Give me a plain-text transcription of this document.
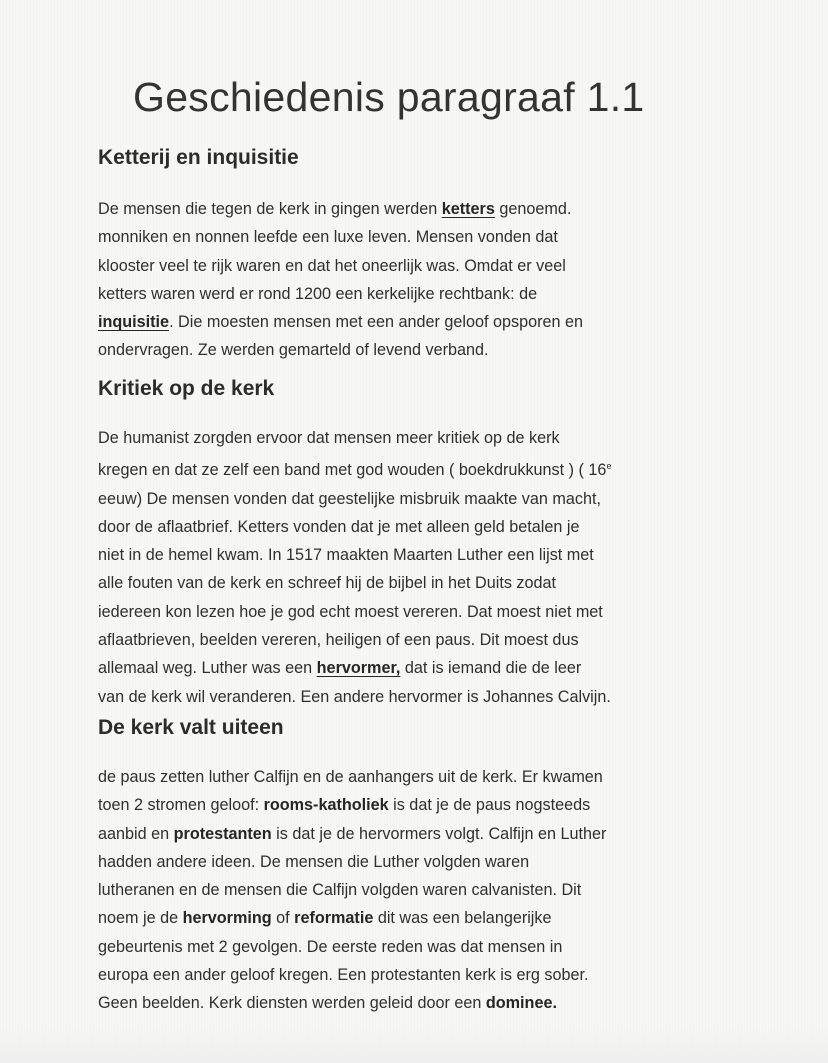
Geschiedenis paragraaf 1.1
Ketterij en inquisitie
De mensen die tegen de kerk in gingen werden ketters genoemd.
monniken en nonnen leefde een luxe leven. Mensen vonden dat
klooster veel te rijk waren en dat het oneerlijk was. Omdat er veel
ketters waren werd er rond 1200 een kerkelijke rechtbank: de
inquisitie. Die moesten mensen met een ander geloof opsporen en
ondervragen. Ze werden gemarteld of levend verband.
Kritiek op de kerk
De humanist zorgden ervoor dat mensen meer kritiek op de kerk
kregen en dat ze zelf een band met god wouden ( boekdrukkunst ) ( 16e
eeuw) De mensen vonden dat geestelijke misbruik maakte van macht,
door de aflaatbrief. Ketters vonden dat je met alleen geld betalen je
niet in de hemel kwam. In 1517 maakten Maarten Luther een lijst met
alle fouten van de kerk en schreef hij de bijbel in het Duits zodat
iedereen kon lezen hoe je god echt moest vereren. Dat moest niet met
aflaatbrieven, beelden vereren, heiligen of een paus. Dit moest dus
allemaal weg. Luther was een hervormer, dat is iemand die de leer
van de kerk wil veranderen. Een andere hervormer is Johannes Calvijn.
De kerk valt uiteen
de paus zetten luther Calfijn en de aanhangers uit de kerk. Er kwamen
toen 2 stromen geloof: rooms-katholiek is dat je de paus nogsteeds
aanbid en protestanten is dat je de hervormers volgt. Calfijn en Luther
hadden andere ideen. De mensen die Luther volgden waren
lutheranen en de mensen die Calfijn volgden waren calvanisten. Dit
noem je de hervorming of reformatie dit was een belangerijke
gebeurtenis met 2 gevolgen. De eerste reden was dat mensen in
europa een ander geloof kregen. Een protestanten kerk is erg sober.
Geen beelden. Kerk diensten werden geleid door een dominee.
